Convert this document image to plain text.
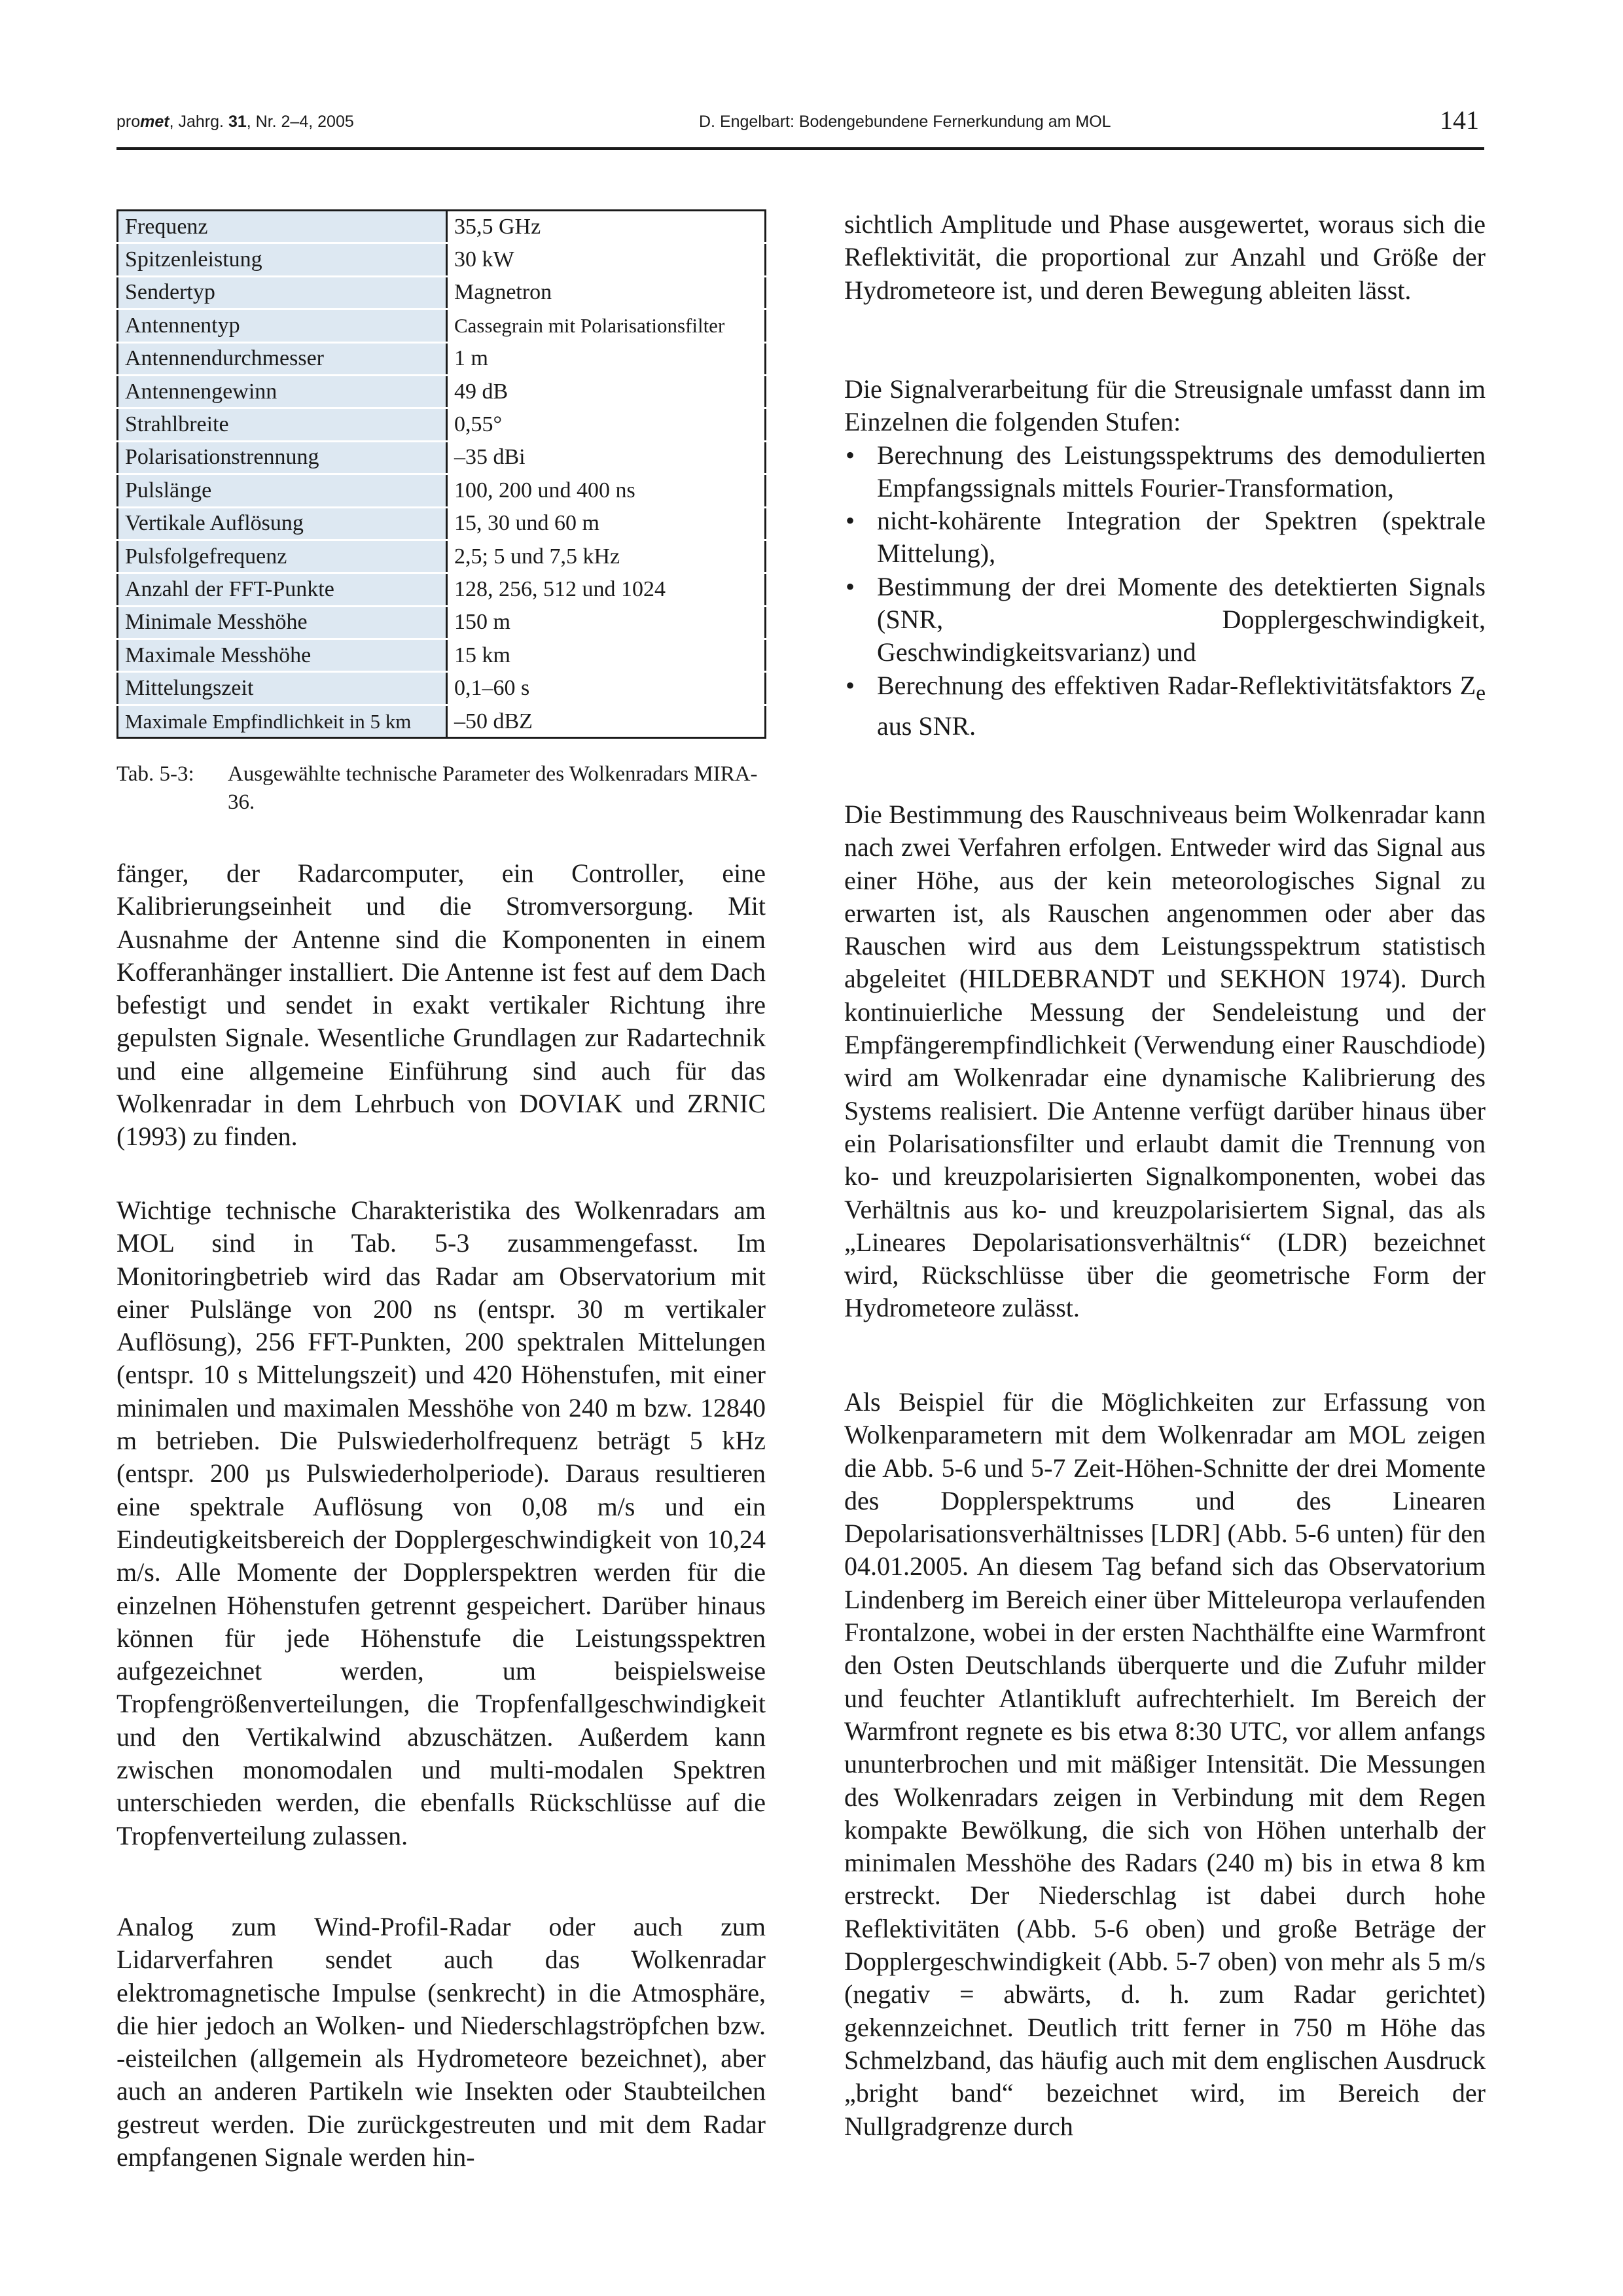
promet, Jahrg. 31, Nr. 2–4, 2005	D. Engelbart: Bodengebundene Fernerkundung am MOL	141
Frequenz	35,5 GHz
Spitzenleistung	30 kW
Sendertyp	Magnetron
Antennentyp	Cassegrain mit Polarisationsfilter
Antennendurchmesser	1 m
Antennengewinn	49 dB
Strahlbreite	0,55°
Polarisationstrennung	–35 dBi
Pulslänge	100, 200 und 400 ns
Vertikale Auflösung	15, 30 und 60 m
Pulsfolgefrequenz	2,5; 5 und 7,5 kHz
Anzahl der FFT-Punkte	128, 256, 512 und 1024
Minimale Messhöhe	150 m
Maximale Messhöhe	15 km
Mittelungszeit	0,1–60 s
Maximale Empfindlichkeit in 5 km	–50 dBZ
Tab. 5-3: Ausgewählte technische Parameter des Wolkenradars MIRA-36.

fänger, der Radarcomputer, ein Controller, eine Kalibrierungseinheit und die Stromversorgung. Mit Ausnahme der Antenne sind die Komponenten in einem Kofferanhänger installiert. Die Antenne ist fest auf dem Dach befestigt und sendet in exakt vertikaler Richtung ihre gepulsten Signale. Wesentliche Grundlagen zur Radartechnik und eine allgemeine Einführung sind auch für das Wolkenradar in dem Lehrbuch von DOVIAK und ZRNIC (1993) zu finden.

Wichtige technische Charakteristika des Wolkenradars am MOL sind in Tab. 5-3 zusammengefasst. Im Monitoringbetrieb wird das Radar am Observatorium mit einer Pulslänge von 200 ns (entspr. 30 m vertikaler Auflösung), 256 FFT-Punkten, 200 spektralen Mittelungen (entspr. 10 s Mittelungszeit) und 420 Höhenstufen, mit einer minimalen und maximalen Messhöhe von 240 m bzw. 12840 m betrieben. Die Pulswiederholfrequenz beträgt 5 kHz (entspr. 200 µs Pulswiederholperiode). Daraus resultieren eine spektrale Auflösung von 0,08 m/s und ein Eindeutigkeitsbereich der Dopplergeschwindigkeit von 10,24 m/s. Alle Momente der Dopplerspektren werden für die einzelnen Höhenstufen getrennt gespeichert. Darüber hinaus können für jede Höhenstufe die Leistungsspektren aufgezeichnet werden, um beispielsweise Tropfengrößenverteilungen, die Tropfenfallgeschwindigkeit und den Vertikalwind abzuschätzen. Außerdem kann zwischen monomodalen und multi-modalen Spektren unterschieden werden, die ebenfalls Rückschlüsse auf die Tropfenverteilung zulassen.

Analog zum Wind-Profil-Radar oder auch zum Lidarverfahren sendet auch das Wolkenradar elektromagnetische Impulse (senkrecht) in die Atmosphäre, die hier jedoch an Wolken- und Niederschlagströpfchen bzw. -eisteilchen (allgemein als Hydrometeore bezeichnet), aber auch an anderen Partikeln wie Insekten oder Staubteilchen gestreut werden. Die zurückgestreuten und mit dem Radar empfangenen Signale werden hin-

sichtlich Amplitude und Phase ausgewertet, woraus sich die Reflektivität, die proportional zur Anzahl und Größe der Hydrometeore ist, und deren Bewegung ableiten lässt.

Die Signalverarbeitung für die Streusignale umfasst dann im Einzelnen die folgenden Stufen:

• Berechnung des Leistungsspektrums des demodulierten Empfangssignals mittels Fourier-Transformation,
• nicht-kohärente Integration der Spektren (spektrale Mittelung),
• Bestimmung der drei Momente des detektierten Signals (SNR, Dopplergeschwindigkeit, Geschwindigkeitsvarianz) und
• Berechnung des effektiven Radar-Reflektivitätsfaktors $Z_e$ aus SNR.

Die Bestimmung des Rauschniveaus beim Wolkenradar kann nach zwei Verfahren erfolgen. Entweder wird das Signal aus einer Höhe, aus der kein meteorologisches Signal zu erwarten ist, als Rauschen angenommen oder aber das Rauschen wird aus dem Leistungsspektrum statistisch abgeleitet (HILDEBRANDT und SEKHON 1974). Durch kontinuierliche Messung der Sendeleistung und der Empfängerempfindlichkeit (Verwendung einer Rauschdiode) wird am Wolkenradar eine dynamische Kalibrierung des Systems realisiert. Die Antenne verfügt darüber hinaus über ein Polarisationsfilter und erlaubt damit die Trennung von ko- und kreuzpolarisierten Signalkomponenten, wobei das Verhältnis aus ko- und kreuzpolarisiertem Signal, das als „Lineares Depolarisationsverhältnis“ (LDR) bezeichnet wird, Rückschlüsse über die geometrische Form der Hydrometeore zulässt.

Als Beispiel für die Möglichkeiten zur Erfassung von Wolkenparametern mit dem Wolkenradar am MOL zeigen die Abb. 5-6 und 5-7 Zeit-Höhen-Schnitte der drei Momente des Dopplerspektrums und des Linearen Depolarisationsverhältnisses [LDR] (Abb. 5-6 unten) für den 04.01.2005. An diesem Tag befand sich das Observatorium Lindenberg im Bereich einer über Mitteleuropa verlaufenden Frontalzone, wobei in der ersten Nachthälfte eine Warmfront den Osten Deutschlands überquerte und die Zufuhr milder und feuchter Atlantikluft aufrechterhielt. Im Bereich der Warmfront regnete es bis etwa 8:30 UTC, vor allem anfangs ununterbrochen und mit mäßiger Intensität. Die Messungen des Wolkenradars zeigen in Verbindung mit dem Regen kompakte Bewölkung, die sich von Höhen unterhalb der minimalen Messhöhe des Radars (240 m) bis in etwa 8 km erstreckt. Der Niederschlag ist dabei durch hohe Reflektivitäten (Abb. 5-6 oben) und große Beträge der Dopplergeschwindigkeit (Abb. 5-7 oben) von mehr als 5 m/s (negativ = abwärts, d. h. zum Radar gerichtet) gekennzeichnet. Deutlich tritt ferner in 750 m Höhe das Schmelzband, das häufig auch mit dem englischen Ausdruck „bright band“ bezeichnet wird, im Bereich der Nullgradgrenze durch
